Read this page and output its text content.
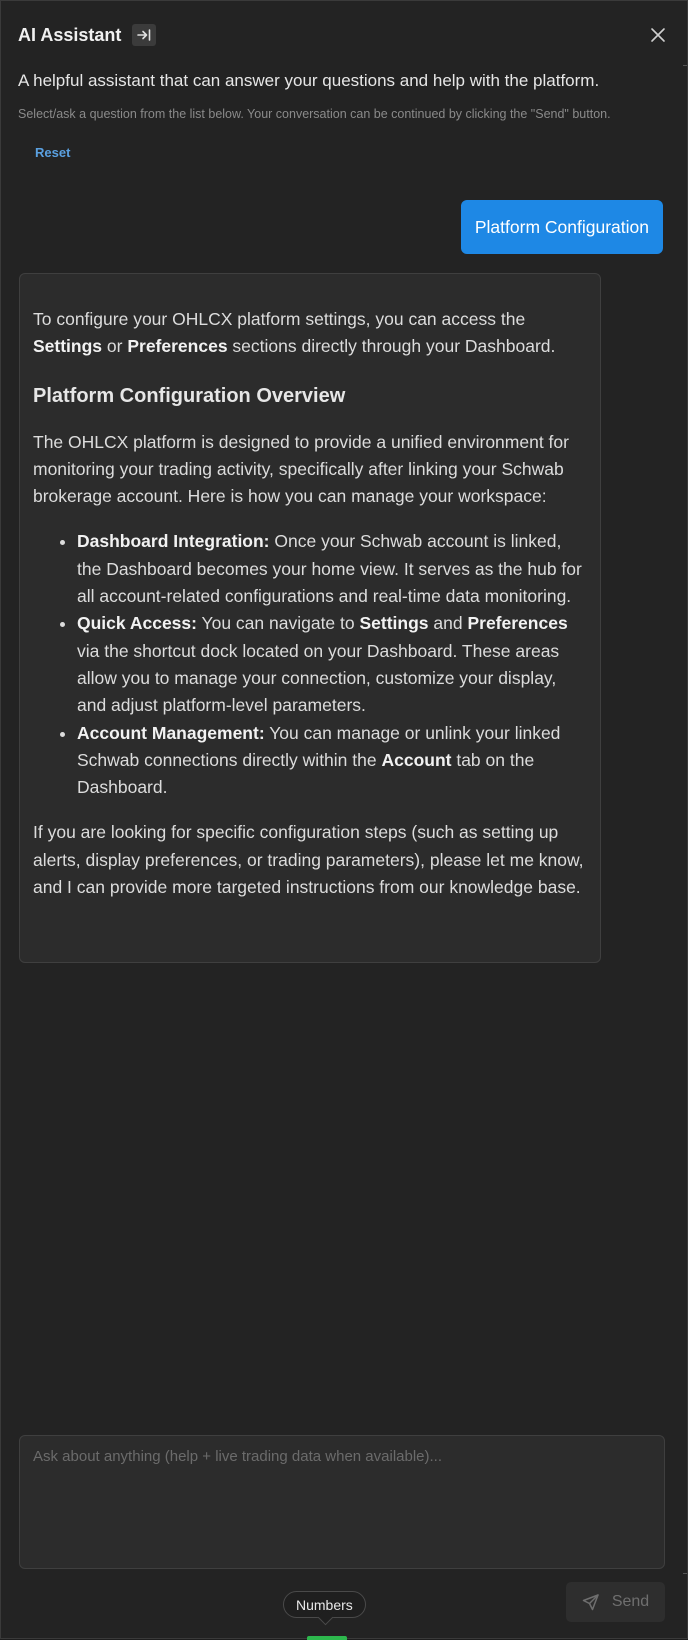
AI Assistant
A helpful assistant that can answer your questions and help with the platform.
Select/ask a question from the list below. Your conversation can be continued by clicking the "Send" button.
Reset
Platform Configuration

To configure your OHLCX platform settings, you can access the Settings or Preferences sections directly through your Dashboard.

Platform Configuration Overview

The OHLCX platform is designed to provide a unified environment for monitoring your trading activity, specifically after linking your Schwab brokerage account. Here is how you can manage your workspace:

• Dashboard Integration: Once your Schwab account is linked, the Dashboard becomes your home view. It serves as the hub for all account-related configurations and real-time data monitoring.
• Quick Access: You can navigate to Settings and Preferences via the shortcut dock located on your Dashboard. These areas allow you to manage your connection, customize your display, and adjust platform-level parameters.
• Account Management: You can manage or unlink your linked Schwab connections directly within the Account tab on the Dashboard.

If you are looking for specific configuration steps (such as setting up alerts, display preferences, or trading parameters), please let me know, and I can provide more targeted instructions from our knowledge base.

Ask about anything (help + live trading data when available)...
Numbers	Send
